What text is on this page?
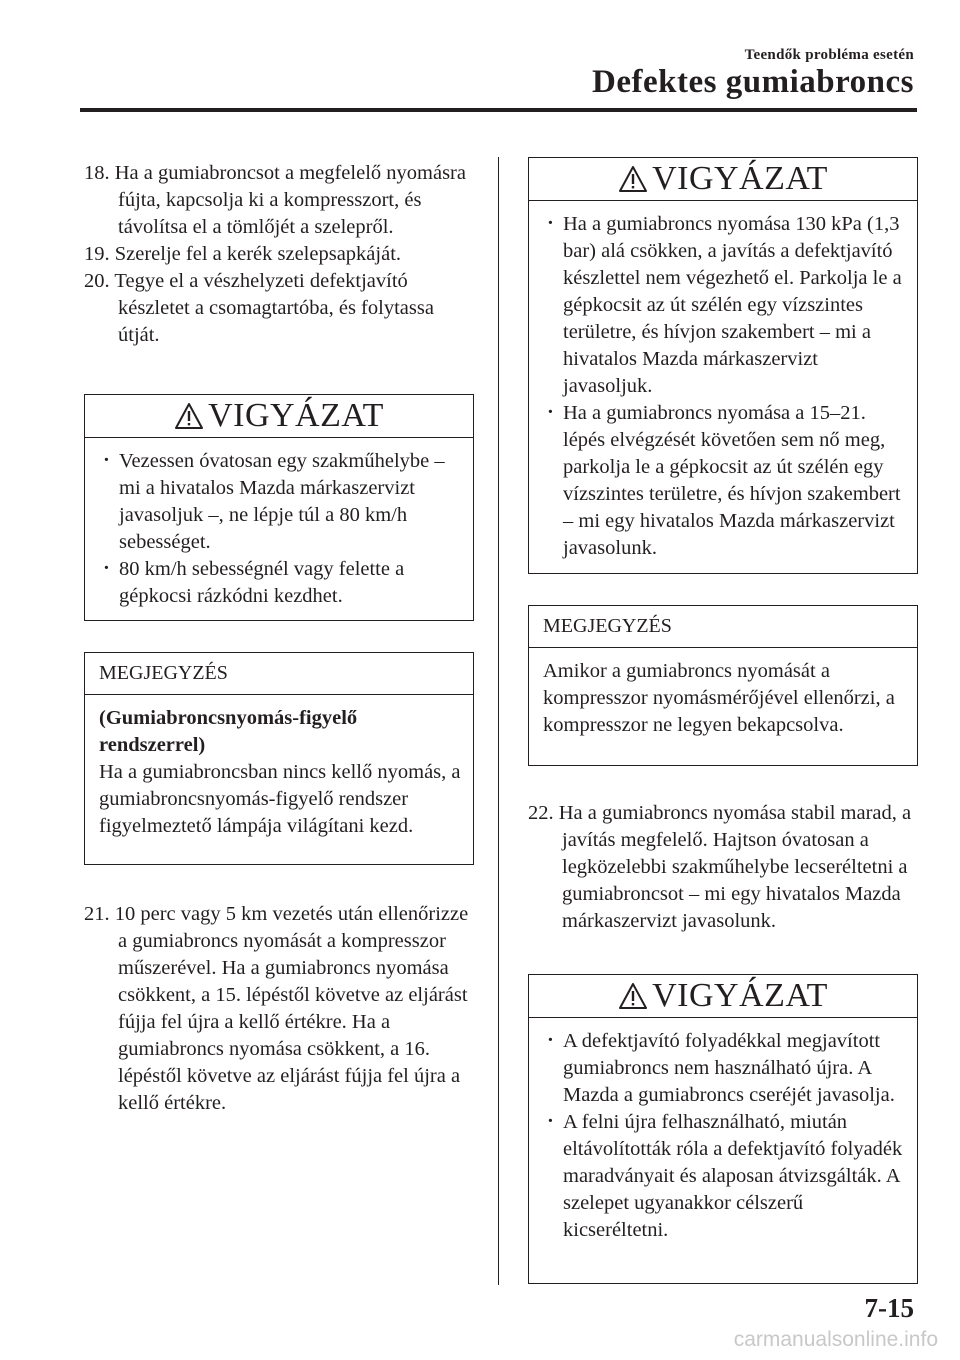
Teendők probléma esetén
Defektes gumiabroncs
18. Ha a gumiabroncsot a megfelelő nyomásra fújta, kapcsolja ki a kompresszort, és távolítsa el a tömlőjét a szelepről.
19. Szerelje fel a kerék szelepsapkáját.
20. Tegye el a vészhelyzeti defektjavító készletet a csomagtartóba, és folytassa útját.
VIGYÁZAT
· Vezessen óvatosan egy szakműhelybe – mi a hivatalos Mazda márkaszervizt javasoljuk –, ne lépje túl a 80 km/h sebességet.
· 80 km/h sebességnél vagy felette a gépkocsi rázkódni kezdhet.
MEGJEGYZÉS

(Gumiabroncsnyomás-figyelő rendszerrel)

Ha a gumiabroncsban nincs kellő nyomás, a gumiabroncsnyomás-figyelő rendszer figyelmeztető lámpája világítani kezd.

21. 10 perc vagy 5 km vezetés után ellenőrizze a gumiabroncs nyomását a kompresszor műszerével. Ha a gumiabroncs nyomása csökkent, a 15. lépéstől követve az eljárást fújja fel újra a kellő értékre. Ha a gumiabroncs nyomása csökkent, a 16. lépéstől követve az eljárást fújja fel újra a kellő értékre.
VIGYÁZAT
· Ha a gumiabroncs nyomása 130 kPa (1,3 bar) alá csökken, a javítás a defektjavító készlettel nem végezhető el. Parkolja le a gépkocsit az út szélén egy vízszintes területre, és hívjon szakembert – mi a hivatalos Mazda márkaszervizt javasoljuk.
· Ha a gumiabroncs nyomása a 15–21. lépés elvégzését követően sem nő meg, parkolja le a gépkocsit az út szélén egy vízszintes területre, és hívjon szakembert – mi egy hivatalos Mazda márkaszervizt javasolunk.
MEGJEGYZÉS

Amikor a gumiabroncs nyomását a kompresszor nyomásmérőjével ellenőrzi, a kompresszor ne legyen bekapcsolva.

22. Ha a gumiabroncs nyomása stabil marad, a javítás megfelelő. Hajtson óvatosan a legközelebbi szakműhelybe lecseréltetni a gumiabroncsot – mi egy hivatalos Mazda márkaszervizt javasolunk.
VIGYÁZAT
· A defektjavító folyadékkal megjavított gumiabroncs nem használható újra. A Mazda a gumiabroncs cseréjét javasolja.
· A felni újra felhasználható, miután eltávolították róla a defektjavító folyadék maradványait és alaposan átvizsgálták. A szelepet ugyanakkor célszerű kicseréltetni.
7-15
carmanualsonline.info
